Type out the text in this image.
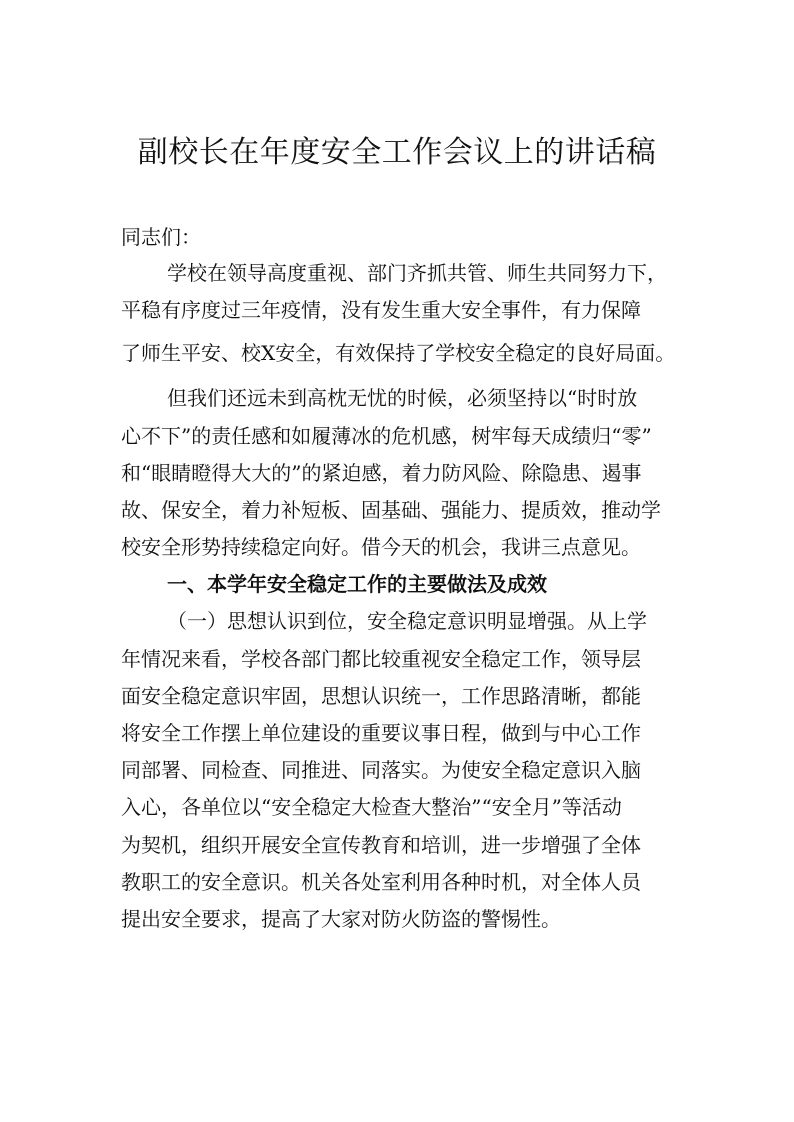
副校长在年度安全工作会议上的讲话稿
同志们：
学校在领导高度重视、部门齐抓共管、师生共同努力下，
平稳有序度过三年疫情，没有发生重大安全事件，有力保障
了师生平安、校X安全，有效保持了学校安全稳定的良好局面。
但我们还远未到高枕无忧的时候，必须坚持以“时时放
心不下”的责任感和如履薄冰的危机感，树牢每天成绩归“零”
和“眼睛瞪得大大的”的紧迫感，着力防风险、除隐患、遏事
故、保安全，着力补短板、固基础、强能力、提质效，推动学
校安全形势持续稳定向好。借今天的机会，我讲三点意见。
一、本学年安全稳定工作的主要做法及成效
（一）思想认识到位，安全稳定意识明显增强。从上学
年情况来看，学校各部门都比较重视安全稳定工作，领导层
面安全稳定意识牢固，思想认识统一，工作思路清晰，都能
将安全工作摆上单位建设的重要议事日程，做到与中心工作
同部署、同检查、同推进、同落实。为使安全稳定意识入脑
入心，各单位以“安全稳定大检查大整治”“安全月”等活动
为契机，组织开展安全宣传教育和培训，进一步增强了全体
教职工的安全意识。机关各处室利用各种时机，对全体人员
提出安全要求，提高了大家对防火防盗的警惕性。
